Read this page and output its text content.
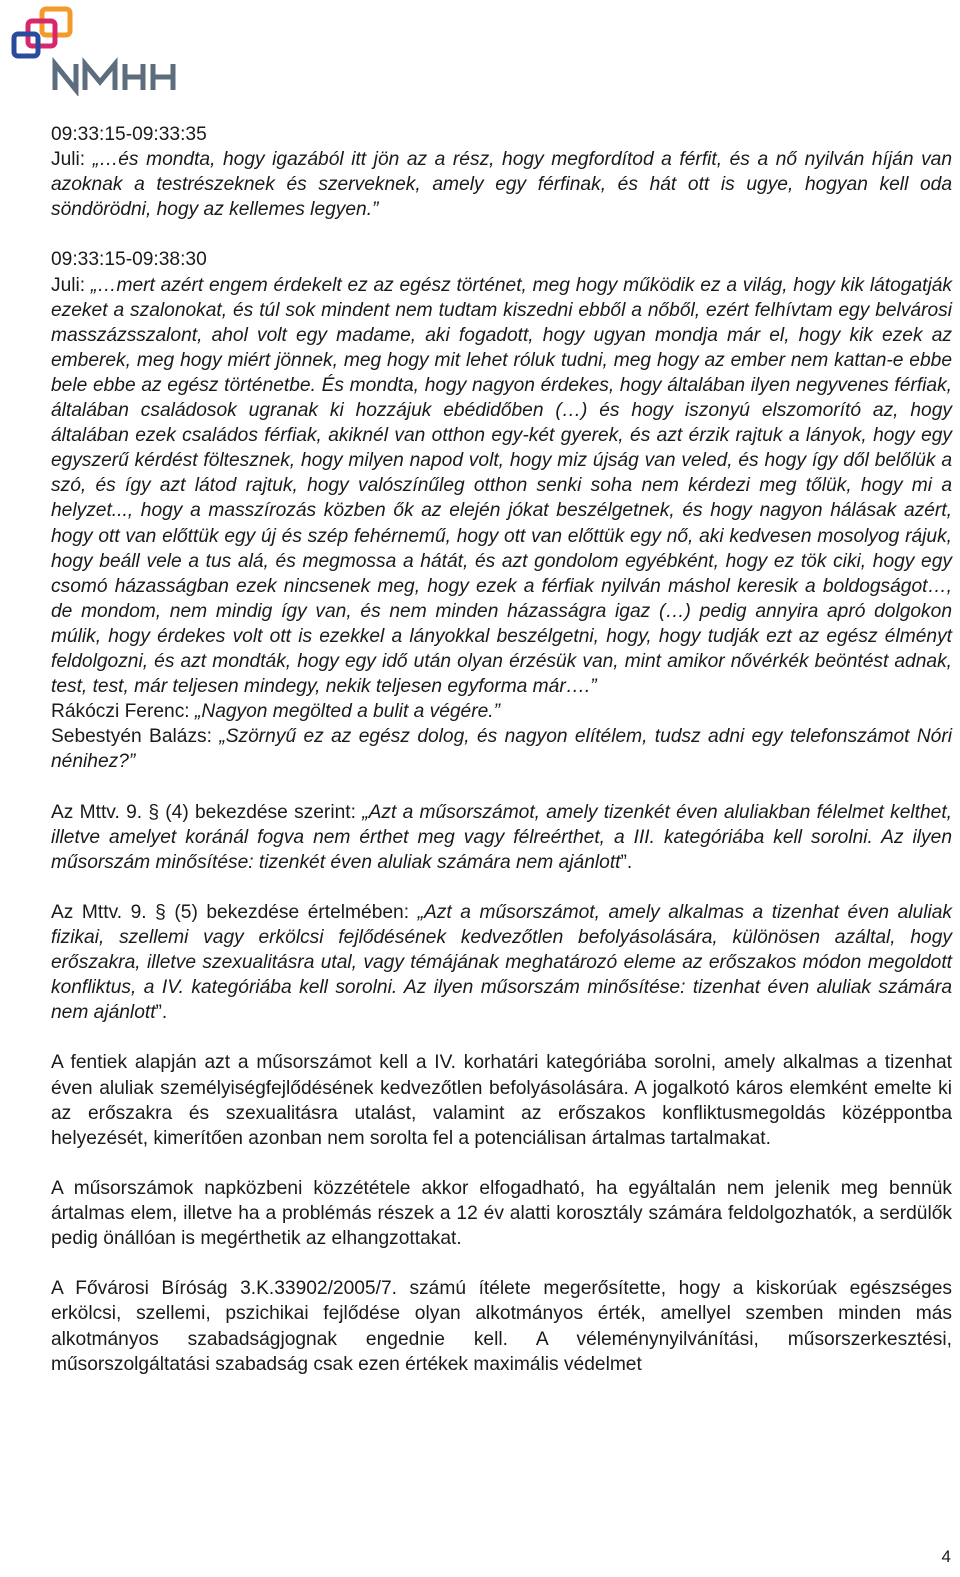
09:33:15-09:33:35

Juli: „…és mondta, hogy igazából itt jön az a rész, hogy megfordítod a férfit, és a nő nyilván híján van azoknak a testrészeknek és szerveknek, amely egy férfinak, és hát ott is ugye, hogyan kell oda söndörödni, hogy az kellemes legyen.”

09:33:15-09:38:30

Juli: „…mert azért engem érdekelt ez az egész történet, meg hogy működik ez a világ, hogy kik látogatják ezeket a szalonokat, és túl sok mindent nem tudtam kiszedni ebből a nőből, ezért felhívtam egy belvárosi masszázsszalont, ahol volt egy madame, aki fogadott, hogy ugyan mondja már el, hogy kik ezek az emberek, meg hogy miért jönnek, meg hogy mit lehet róluk tudni, meg hogy az ember nem kattan-e ebbe bele ebbe az egész történetbe. És mondta, hogy nagyon érdekes, hogy általában ilyen negyvenes férfiak, általában családosok ugranak ki hozzájuk ebédidőben (…) és hogy iszonyú elszomorító az, hogy általában ezek családos férfiak, akiknél van otthon egy-két gyerek, és azt érzik rajtuk a lányok, hogy egy egyszerű kérdést föltesznek, hogy milyen napod volt, hogy miz újság van veled, és hogy így dől belőlük a szó, és így azt látod rajtuk, hogy valószínűleg otthon senki soha nem kérdezi meg tőlük, hogy mi a helyzet..., hogy a masszírozás közben ők az elején jókat beszélgetnek, és hogy nagyon hálásak azért, hogy ott van előttük egy új és szép fehérnemű, hogy ott van előttük egy nő, aki kedvesen mosolyog rájuk, hogy beáll vele a tus alá, és megmossa a hátát, és azt gondolom egyébként, hogy ez tök ciki, hogy egy csomó házasságban ezek nincsenek meg, hogy ezek a férfiak nyilván máshol keresik a boldogságot…, de mondom, nem mindig így van, és nem minden házasságra igaz (…) pedig annyira apró dolgokon múlik, hogy érdekes volt ott is ezekkel a lányokkal beszélgetni, hogy, hogy tudják ezt az egész élményt feldolgozni, és azt mondták, hogy egy idő után olyan érzésük van, mint amikor nővérkék beöntést adnak, test, test, már teljesen mindegy, nekik teljesen egyforma már….”

Rákóczi Ferenc: „Nagyon megölted a bulit a végére.”

Sebestyén Balázs: „Szörnyű ez az egész dolog, és nagyon elítélem, tudsz adni egy telefonszámot Nóri nénihez?”

Az Mttv. 9. § (4) bekezdése szerint: „Azt a műsorszámot, amely tizenkét éven aluliakban félelmet kelthet, illetve amelyet koránál fogva nem érthet meg vagy félreérthet, a III. kategóriába kell sorolni. Az ilyen műsorszám minősítése: tizenkét éven aluliak számára nem ajánlott”.

Az Mttv. 9. § (5) bekezdése értelmében: „Azt a műsorszámot, amely alkalmas a tizenhat éven aluliak fizikai, szellemi vagy erkölcsi fejlődésének kedvezőtlen befolyásolására, különösen azáltal, hogy erőszakra, illetve szexualitásra utal, vagy témájának meghatározó eleme az erőszakos módon megoldott konfliktus, a IV. kategóriába kell sorolni. Az ilyen műsorszám minősítése: tizenhat éven aluliak számára nem ajánlott”.

A fentiek alapján azt a műsorszámot kell a IV. korhatári kategóriába sorolni, amely alkalmas a tizenhat éven aluliak személyiségfejlődésének kedvezőtlen befolyásolására. A jogalkotó káros elemként emelte ki az erőszakra és szexualitásra utalást, valamint az erőszakos konfliktusmegoldás középpontba helyezését, kimerítően azonban nem sorolta fel a potenciálisan ártalmas tartalmakat.

A műsorszámok napközbeni közzététele akkor elfogadható, ha egyáltalán nem jelenik meg bennük ártalmas elem, illetve ha a problémás részek a 12 év alatti korosztály számára feldolgozhatók, a serdülők pedig önállóan is megérthetik az elhangzottakat.

A Fővárosi Bíróság 3.K.33902/2005/7. számú ítélete megerősítette, hogy a kiskorúak egészséges erkölcsi, szellemi, pszichikai fejlődése olyan alkotmányos érték, amellyel szemben minden más alkotmányos szabadságjognak engednie kell. A véleménynyilvánítási, műsorszerkesztési, műsorszolgáltatási szabadság csak ezen értékek maximális védelmet

4
